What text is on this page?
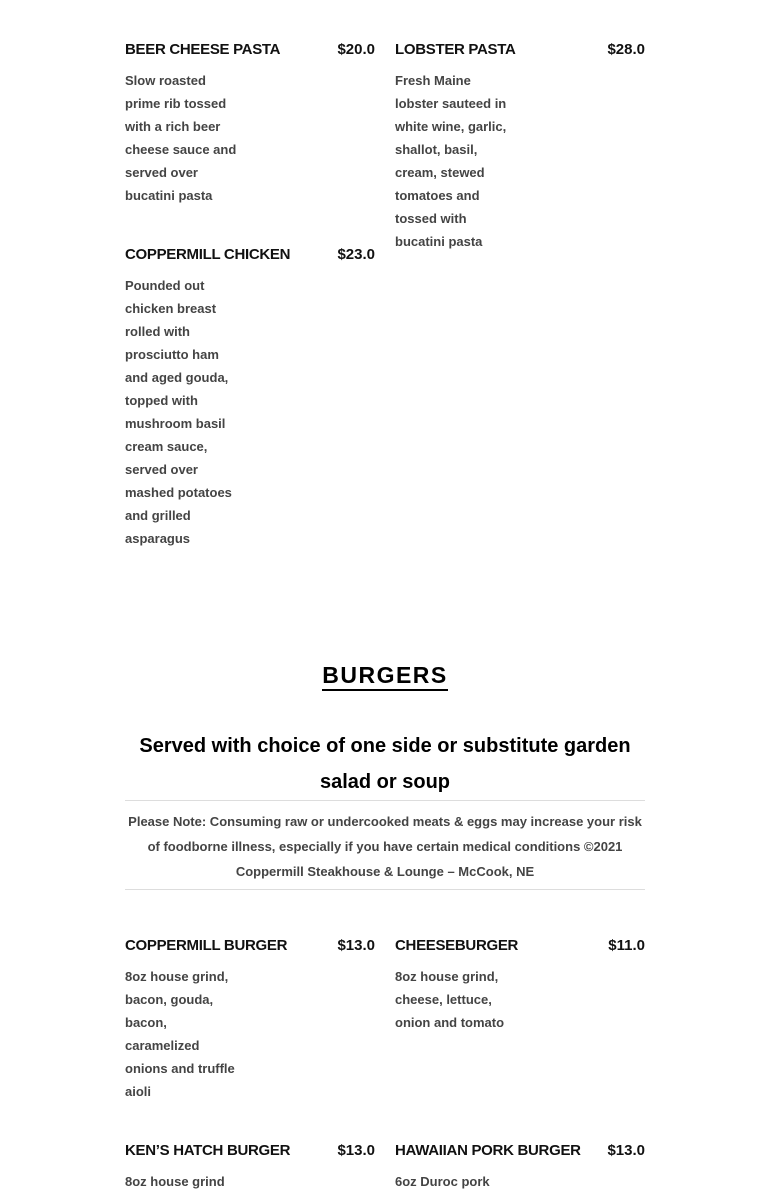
BEER CHEESE PASTA	$20.0
Slow roasted prime rib tossed with a rich beer cheese sauce and served over bucatini pasta
LOBSTER PASTA	$28.0
Fresh Maine lobster sauteed in white wine, garlic, shallot, basil, cream, stewed tomatoes and tossed with bucatini pasta
COPPERMILL CHICKEN	$23.0
Pounded out chicken breast rolled with prosciutto ham and aged gouda, topped with mushroom basil cream sauce, served over mashed potatoes and grilled asparagus
BURGERS
Served with choice of one side or substitute garden salad or soup
Please Note: Consuming raw or undercooked meats & eggs may increase your risk of foodborne illness, especially if you have certain medical conditions ©2021 Coppermill Steakhouse & Lounge – McCook, NE
COPPERMILL BURGER	$13.0
8oz house grind, bacon, gouda, bacon, caramelized onions and truffle aioli
CHEESEBURGER	$11.0
8oz house grind, cheese, lettuce, onion and tomato
KEN’S HATCH BURGER	$13.0
8oz house grind
HAWAIIAN PORK BURGER $13.0
6oz Duroc pork
